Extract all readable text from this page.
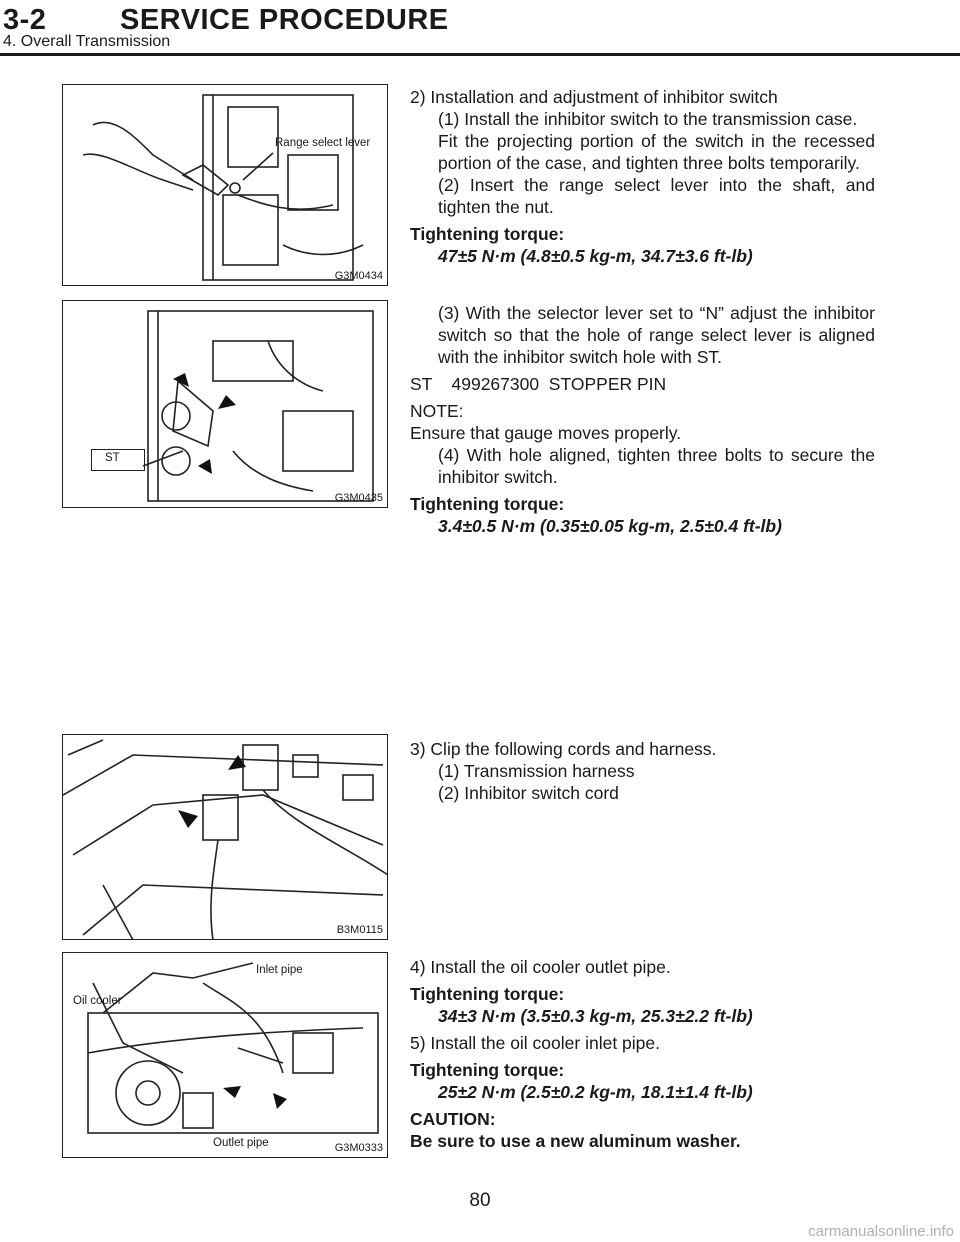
3-2	SERVICE PROCEDURE
4. Overall Transmission
Range select lever
G3M0434

2) Installation and adjustment of inhibitor switch

(1) Install the inhibitor switch to the transmission case.

Fit the projecting portion of the switch in the recessed portion of the case, and tighten three bolts temporarily.

(2) Insert the range select lever into the shaft, and tighten the nut.

Tightening torque:

47±5 N·m (4.8±0.5 kg-m, 34.7±3.6 ft-lb)

ST
G3M0435

(3) With the selector lever set to “N” adjust the inhibitor switch so that the hole of range select lever is aligned with the inhibitor switch hole with ST.

ST    499267300  STOPPER PIN

NOTE:

Ensure that gauge moves properly.

(4) With hole aligned, tighten three bolts to secure the inhibitor switch.

Tightening torque:

3.4±0.5 N·m (0.35±0.05 kg-m, 2.5±0.4 ft-lb)

B3M0115

3) Clip the following cords and harness.

(1) Transmission harness

(2) Inhibitor switch cord

Inlet pipe
Oil cooler
Outlet pipe	G3M0333

4) Install the oil cooler outlet pipe.

Tightening torque:

34±3 N·m (3.5±0.3 kg-m, 25.3±2.2 ft-lb)

5) Install the oil cooler inlet pipe.

Tightening torque:

25±2 N·m (2.5±0.2 kg-m, 18.1±1.4 ft-lb)

CAUTION:

Be sure to use a new aluminum washer.

80
carmanualsonline.info
